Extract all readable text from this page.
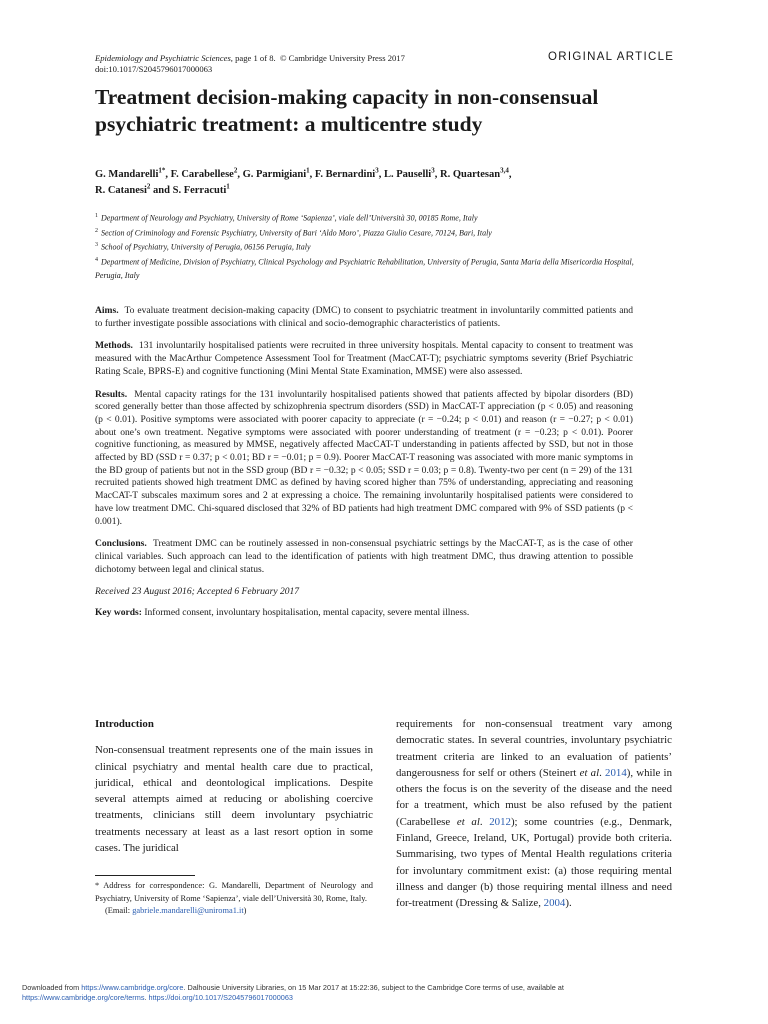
Epidemiology and Psychiatric Sciences, page 1 of 8. © Cambridge University Press 2017
doi:10.1017/S2045796017000063
ORIGINAL ARTICLE
Treatment decision-making capacity in non-consensual psychiatric treatment: a multicentre study
G. Mandarelli$^{1*}$, F. Carabellese$^2$, G. Parmigiani$^1$, F. Bernardini$^3$, L. Pauselli$^3$, R. Quartesan$^{3,4}$,
R. Catanesi$^2$ and S. Ferracuti$^1$
$^1$ Department of Neurology and Psychiatry, University of Rome ‘Sapienza’, viale dell’Università 30, 00185 Rome, Italy
$^2$ Section of Criminology and Forensic Psychiatry, University of Bari ‘Aldo Moro’, Piazza Giulio Cesare, 70124, Bari, Italy
$^3$ School of Psychiatry, University of Perugia, 06156 Perugia, Italy
$^4$ Department of Medicine, Division of Psychiatry, Clinical Psychology and Psychiatric Rehabilitation, University of Perugia, Santa Maria della Misericordia Hospital, Perugia, Italy

Aims. To evaluate treatment decision-making capacity (DMC) to consent to psychiatric treatment in involuntarily committed patients and to further investigate possible associations with clinical and socio-demographic characteristics of patients.

Methods. 131 involuntarily hospitalised patients were recruited in three university hospitals. Mental capacity to consent to treatment was measured with the MacArthur Competence Assessment Tool for Treatment (MacCAT-T); psychiatric symptoms severity (Brief Psychiatric Rating Scale, BPRS-E) and cognitive functioning (Mini Mental State Examination, MMSE) were also assessed.

Results. Mental capacity ratings for the 131 involuntarily hospitalised patients showed that patients affected by bipolar disorders (BD) scored generally better than those affected by schizophrenia spectrum disorders (SSD) in MacCAT-T appreciation (p < 0.05) and reasoning (p < 0.01). Positive symptoms were associated with poorer capacity to appreciate (r = −0.24; p < 0.01) and reason (r = −0.27; p < 0.01) about one’s own treatment. Negative symptoms were associated with poorer understanding of treatment (r = −0.23; p < 0.01). Poorer cognitive functioning, as measured by MMSE, negatively affected MacCAT-T understanding in patients affected by SSD, but not in those affected by BD (SSD r = 0.37; p < 0.01; BD r = −0.01; p = 0.9). Poorer MacCAT-T reasoning was associated with more manic symptoms in the BD group of patients but not in the SSD group (BD r = −0.32; p < 0.05; SSD r = 0.03; p = 0.8). Twenty-two per cent (n = 29) of the 131 recruited patients showed high treatment DMC as defined by having scored higher than 75% of understanding, appreciating and reasoning MacCAT-T subscales maximum sores and 2 at expressing a choice. The remaining involuntarily hospitalised patients were considered to have low treatment DMC. Chi-squared disclosed that 32% of BD patients had high treatment DMC compared with 9% of SSD patients (p < 0.001).

Conclusions. Treatment DMC can be routinely assessed in non-consensual psychiatric settings by the MacCAT-T, as is the case of other clinical variables. Such approach can lead to the identification of patients with high treatment DMC, thus drawing attention to possible dichotomy between legal and clinical status.

Received 23 August 2016; Accepted 6 February 2017

Key words: Informed consent, involuntary hospitalisation, mental capacity, severe mental illness.

Introduction

Non-consensual treatment represents one of the main issues in clinical psychiatry and mental health care due to practical, juridical, ethical and deontological implications. Despite several attempts aimed at reducing or abolishing coercive treatments, clinicians still deem involuntary psychiatric treatments necessary at least as a last resort option in some cases. The juridical

* Address for correspondence: G. Mandarelli, Department of Neurology and Psychiatry, University of Rome ‘Sapienza’, viale dell’Università 30, Rome, Italy.
(Email: gabriele.mandarelli@uniroma1.it)

requirements for non-consensual treatment vary among democratic states. In several countries, involuntary psychiatric treatment criteria are linked to an evaluation of patients’ dangerousness for self or others (Steinert et al. 2014), while in others the focus is on the severity of the disease and the need for a treatment, which must be also refused by the patient (Carabellese et al. 2012); some countries (e.g., Denmark, Finland, Greece, Ireland, UK, Portugal) provide both criteria. Summarising, two types of Mental Health regulations criteria for involuntary commitment exist: (a) those requiring mental illness and danger (b) those requiring mental illness and need for-treatment (Dressing & Salize, 2004).

Downloaded from https://www.cambridge.org/core. Dalhousie University Libraries, on 15 Mar 2017 at 15:22:36, subject to the Cambridge Core terms of use, available at
https://www.cambridge.org/core/terms. https://doi.org/10.1017/S2045796017000063
